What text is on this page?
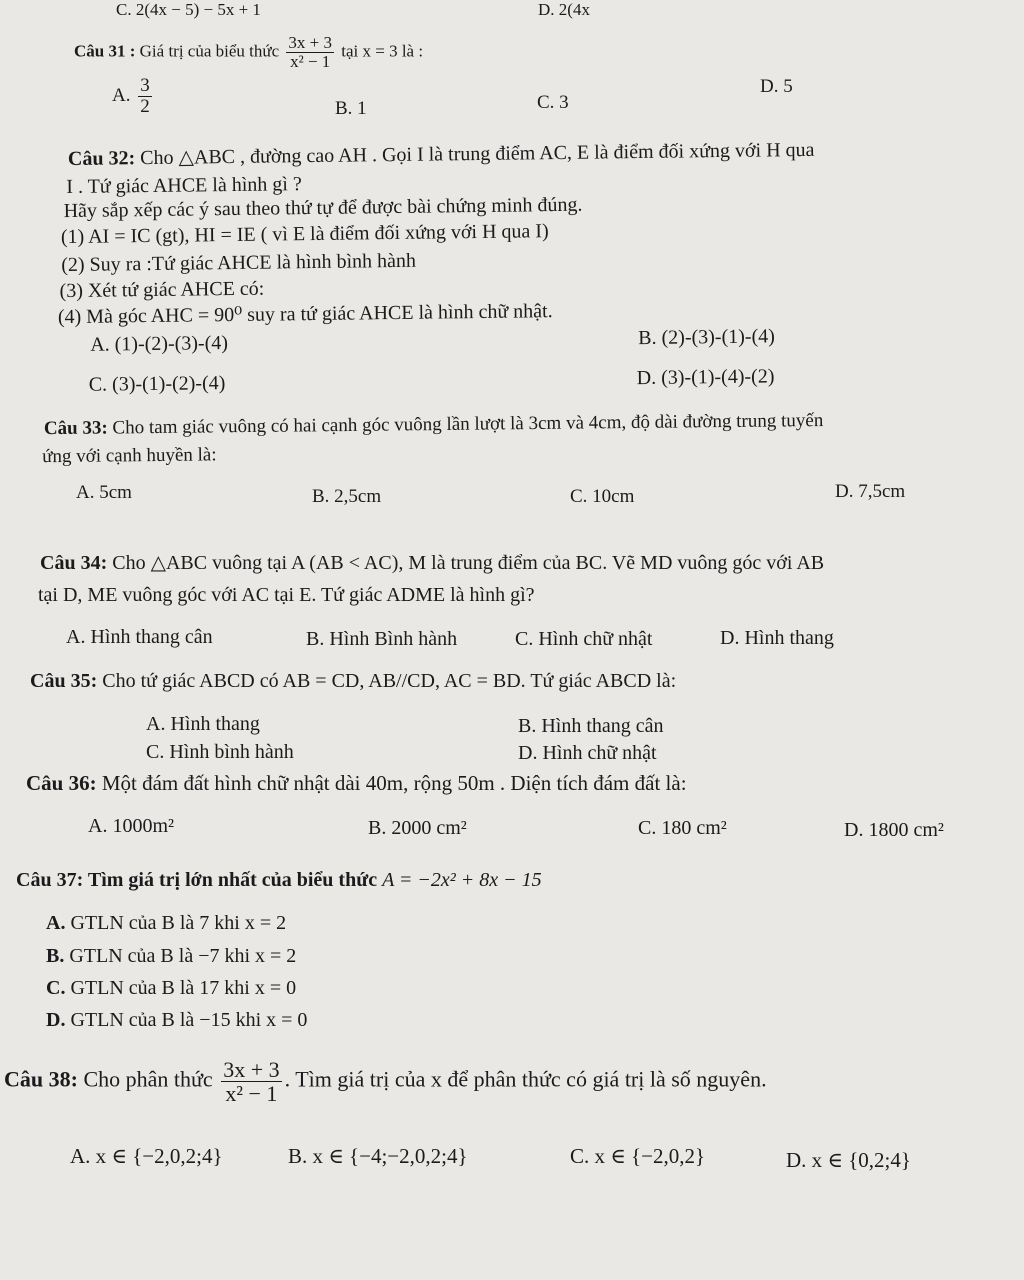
C. 2(4x − 5) − 5x + 1	D. 2(4x
Câu 31 : Giá trị của biểu thức $\frac{3x + 3}{\text{x² − 1}}$ tại x = 3 là :
A. $\frac{3}{2}$	B. 1	C. 3
D. 5
Câu 32: Cho △ABC , đường cao AH . Gọi I là trung điểm AC, E là điểm đối xứng với H qua
I . Tứ giác AHCE là hình gì ?
Hãy sắp xếp các ý sau theo thứ tự để được bài chứng minh đúng.
(1) AI = IC (gt), HI = IE ( vì E là điểm đối xứng với H qua I)
(2) Suy ra :Tứ giác AHCE là hình bình hành
(3) Xét tứ giác AHCE có:
(4) Mà góc AHC = 90⁰ suy ra tứ giác AHCE là hình chữ nhật.
A. (1)-(2)-(3)-(4)	B. (2)-(3)-(1)-(4)
C. (3)-(1)-(2)-(4)	D. (3)-(1)-(4)-(2)
Câu 33: Cho tam giác vuông có hai cạnh góc vuông lần lượt là 3cm và 4cm, độ dài đường trung tuyến
ứng với cạnh huyền là:
A. 5cm	B. 2,5cm	C. 10cm	D. 7,5cm
Câu 34: Cho △ABC vuông tại A (AB < AC), M là trung điểm của BC. Vẽ MD vuông góc với AB
tại D, ME vuông góc với AC tại E. Tứ giác ADME là hình gì?
A. Hình thang cân	B. Hình Bình hành	C. Hình chữ nhật	D. Hình thang
Câu 35: Cho tứ giác ABCD có AB = CD, AB//CD, AC = BD. Tứ giác ABCD là:
A. Hình thang	B. Hình thang cân
C. Hình bình hành	D. Hình chữ nhật
Câu 36: Một đám đất hình chữ nhật dài 40m, rộng 50m . Diện tích đám đất là:
A. 1000m²	B. 2000 cm²	C. 180 cm²	D. 1800 cm²
Câu 37: Tìm giá trị lớn nhất của biểu thức A = −2x² + 8x − 15
A. GTLN của B là 7 khi x = 2
B. GTLN của B là −7 khi x = 2
C. GTLN của B là 17 khi x = 0
D. GTLN của B là −15 khi x = 0
Câu 38: Cho phân thức $\frac{3x + 3}{\text{x² − 1}}$ . Tìm giá trị của x để phân thức có giá trị là số nguyên.
A. x ∈ {−2,0,2;4}	B. x ∈ {−4;−2,0,2;4}	C. x ∈ {−2,0,2}	D. x ∈ {0,2;4}
